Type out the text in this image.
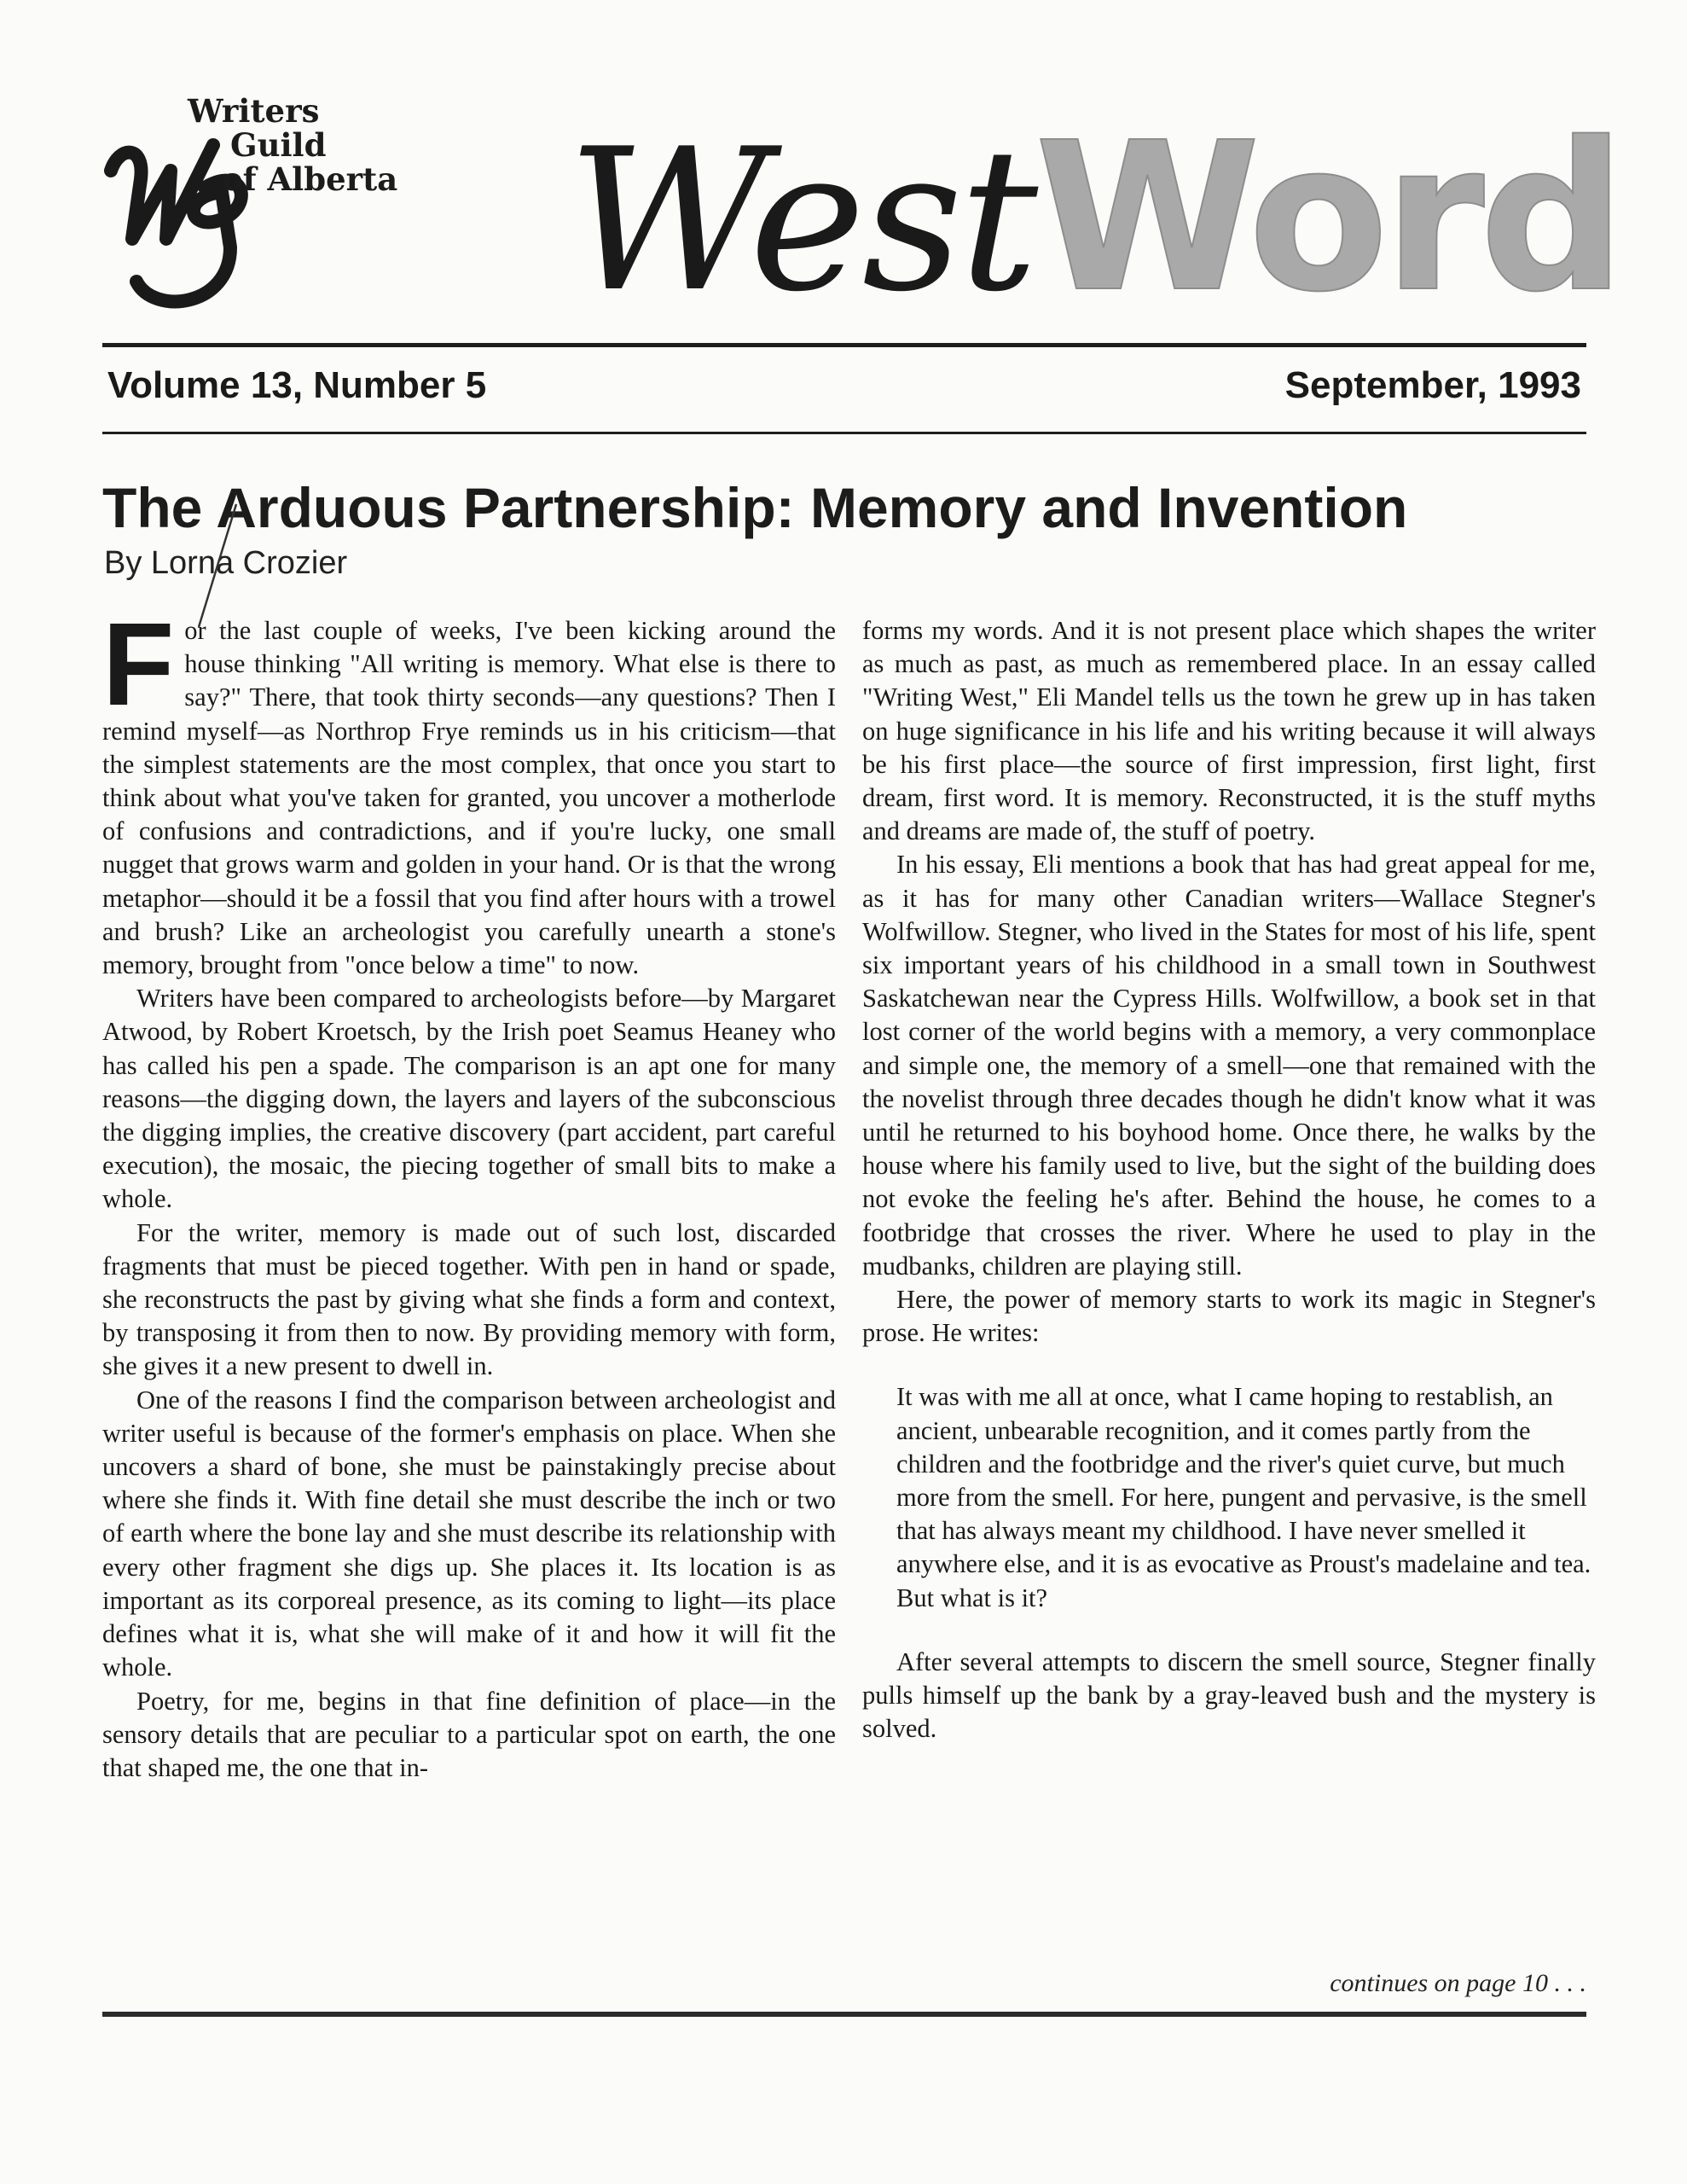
Writers
Guild
of Alberta WestWord
Volume 13, Number 5	September, 1993
The Arduous Partnership: Memory and Invention
By Lorna Crozier

For the last couple of weeks, I've been kicking around the house thinking "All writing is memory. What else is there to say?" There, that took thirty seconds—any questions? Then I remind myself—as Northrop Frye reminds us in his criticism—that the simplest statements are the most complex, that once you start to think about what you've taken for granted, you uncover a motherlode of confusions and contradictions, and if you're lucky, one small nugget that grows warm and golden in your hand. Or is that the wrong metaphor—should it be a fossil that you find after hours with a trowel and brush? Like an archeologist you carefully unearth a stone's memory, brought from "once below a time" to now.

Writers have been compared to archeologists before—by Margaret Atwood, by Robert Kroetsch, by the Irish poet Seamus Heaney who has called his pen a spade. The comparison is an apt one for many reasons—the digging down, the layers and layers of the subconscious the digging implies, the creative discovery (part accident, part careful execution), the mosaic, the piecing together of small bits to make a whole.

For the writer, memory is made out of such lost, discarded fragments that must be pieced together. With pen in hand or spade, she reconstructs the past by giving what she finds a form and context, by transposing it from then to now. By providing memory with form, she gives it a new present to dwell in.

One of the reasons I find the comparison between archeologist and writer useful is because of the former's emphasis on place. When she uncovers a shard of bone, she must be painstakingly precise about where she finds it. With fine detail she must describe the inch or two of earth where the bone lay and she must describe its relationship with every other fragment she digs up. She places it. Its location is as important as its corporeal presence, as its coming to light—its place defines what it is, what she will make of it and how it will fit the whole.

Poetry, for me, begins in that fine definition of place—in the sensory details that are peculiar to a particular spot on earth, the one that shaped me, the one that in-

forms my words. And it is not present place which shapes the writer as much as past, as much as remembered place. In an essay called "Writing West," Eli Mandel tells us the town he grew up in has taken on huge significance in his life and his writing because it will always be his first place—the source of first impression, first light, first dream, first word. It is memory. Reconstructed, it is the stuff myths and dreams are made of, the stuff of poetry.

In his essay, Eli mentions a book that has had great appeal for me, as it has for many other Canadian writers—Wallace Stegner's Wolfwillow. Stegner, who lived in the States for most of his life, spent six important years of his childhood in a small town in Southwest Saskatchewan near the Cypress Hills. Wolfwillow, a book set in that lost corner of the world begins with a memory, a very commonplace and simple one, the memory of a smell—one that remained with the the novelist through three decades though he didn't know what it was until he returned to his boyhood home. Once there, he walks by the house where his family used to live, but the sight of the building does not evoke the feeling he's after. Behind the house, he comes to a footbridge that crosses the river. Where he used to play in the mudbanks, children are playing still.

Here, the power of memory starts to work its magic in Stegner's prose. He writes:

It was with me all at once, what I came hoping to restablish, an ancient, unbearable recognition, and it comes partly from the children and the footbridge and the river's quiet curve, but much more from the smell. For here, pungent and pervasive, is the smell that has always meant my childhood. I have never smelled it anywhere else, and it is as evocative as Proust's madelaine and tea. But what is it?

After several attempts to discern the smell source, Stegner finally pulls himself up the bank by a gray-leaved bush and the mystery is solved.

continues on page 10 . . .
